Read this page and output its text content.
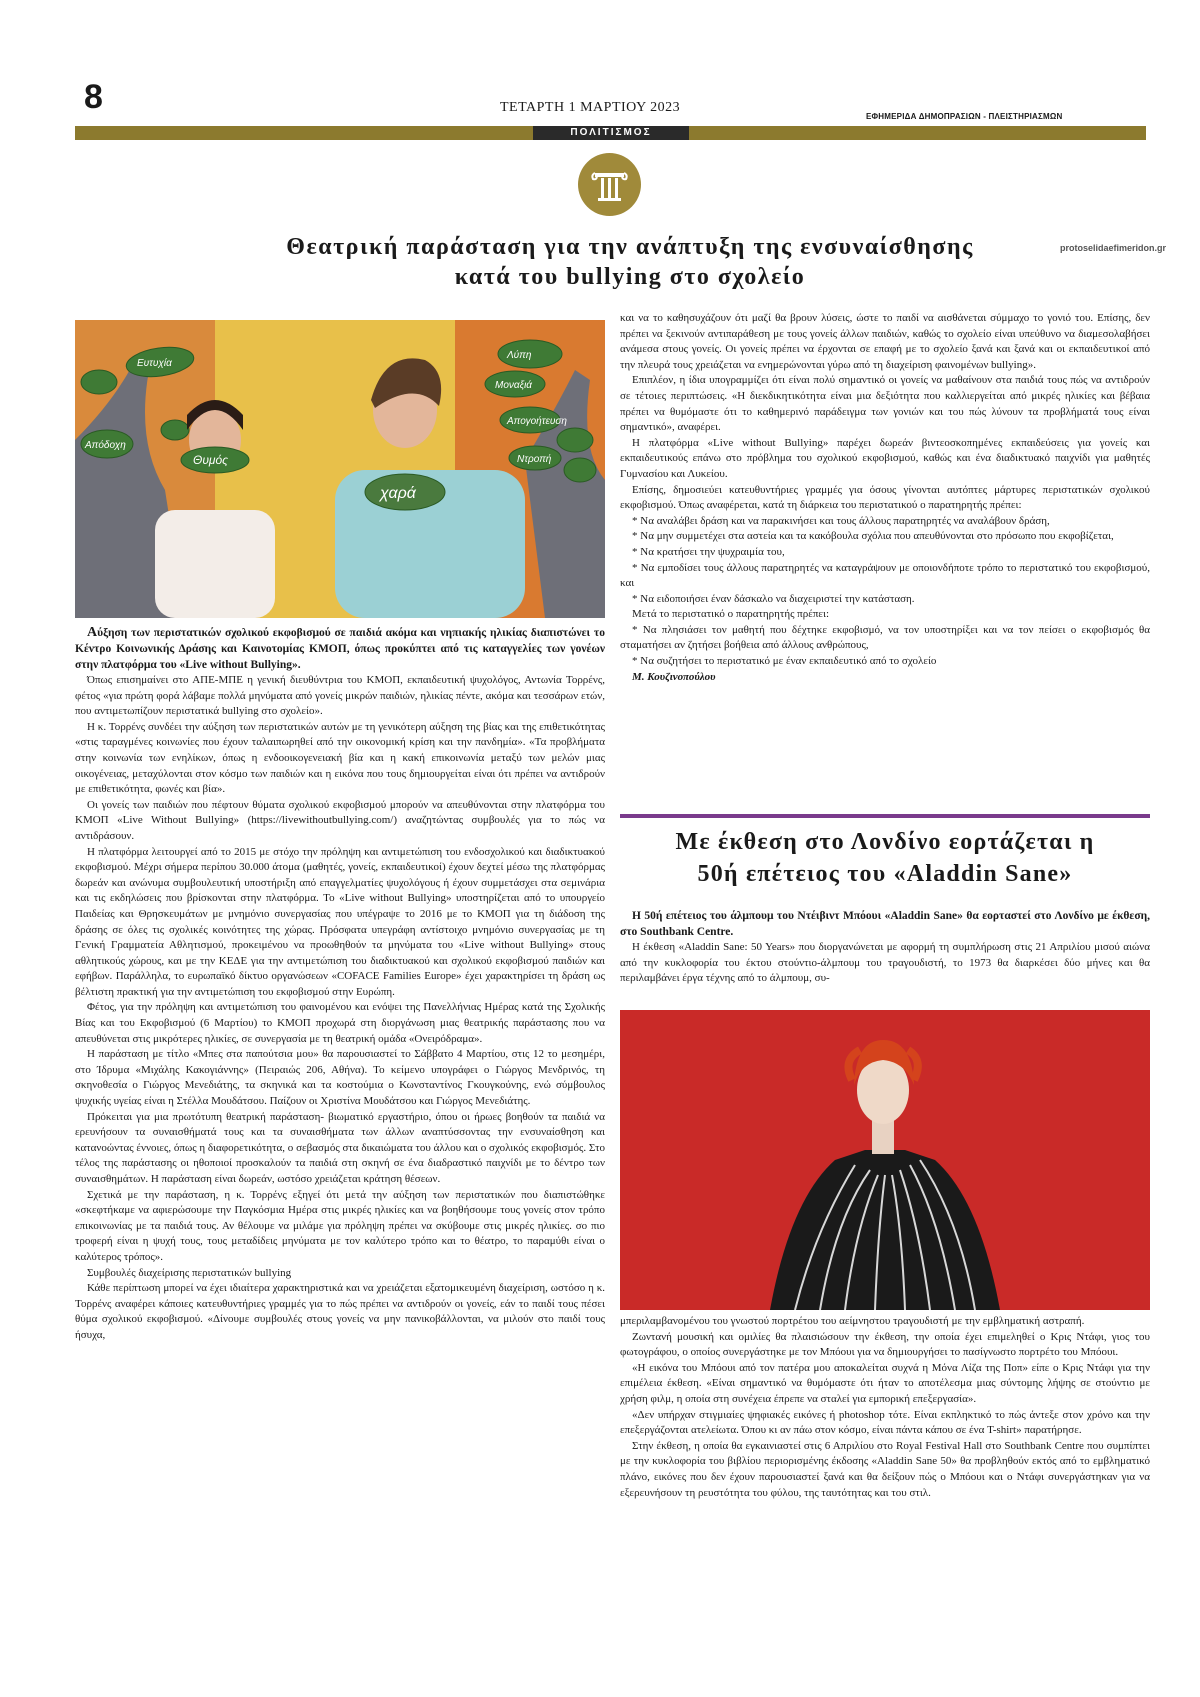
8	ΤΕΤΑΡΤΗ 1 ΜΑΡΤΙΟΥ 2023
ΕΦΗΜΕΡΙΔΑ ΔΗΜΟΠΡΑΣΙΩΝ - ΠΛΕΙΣΤΗΡΙΑΣΜΩΝ
ΠΟΛΙΤΙΣΜΟΣ
protoselidaefimeridon.gr
Θεατρική παράσταση για την ανάπτυξη της ενσυναίσθησης
κατά του bullying στο σχολείο
Ευτυχία
Λύπη
Μοναξιά
Απογοήτευση
Ντροπή
Απόδοχη
Θυμός
χαρά

Αύξηση των περιστατικών σχολικού εκφοβισμού σε παιδιά ακόμα και νηπιακής ηλικίας διαπιστώνει το Κέντρο Κοινωνικής Δράσης και Καινοτομίας ΚΜΟΠ, όπως προκύπτει από τις καταγγελίες των γονέων στην πλατφόρμα του «Live without Bullying».

Όπως επισημαίνει στο ΑΠΕ-ΜΠΕ η γενική διευθύντρια του ΚΜΟΠ, εκπαιδευτική ψυχολόγος, Αντωνία Τορρένς, φέτος «για πρώτη φορά λάβαμε πολλά μηνύματα από γονείς μικρών παιδιών, ηλικίας πέντε, ακόμα και τεσσάρων ετών, που αντιμετωπίζουν περιστατικά bullying στο σχολείο».

Η κ. Τορρένς συνδέει την αύξηση των περιστατικών αυτών με τη γενικότερη αύξηση της βίας και της επιθετικότητας «στις ταραγμένες κοινωνίες που έχουν ταλαιπωρηθεί από την οικονομική κρίση και την πανδημία». «Τα προβλήματα στην κοινωνία των ενηλίκων, όπως η ενδοοικογενειακή βία και η κακή επικοινωνία μεταξύ των μελών μιας οικογένειας, μεταχύλονται στον κόσμο των παιδιών και η εικόνα που τους δημιουργείται είναι ότι πρέπει να αντιδρούν με επιθετικότητα, φωνές και βία».

Οι γονείς των παιδιών που πέφτουν θύματα σχολικού εκφοβισμού μπορούν να απευθύνονται στην πλατφόρμα του ΚΜΟΠ «Live Without Bullying» (https://livewithoutbullying.com/) αναζητώντας συμβουλές για το πώς να αντιδράσουν.

Η πλατφόρμα λειτουργεί από το 2015 με στόχο την πρόληψη και αντιμετώπιση του ενδοσχολικού και διαδικτυακού εκφοβισμού. Μέχρι σήμερα περίπου 30.000 άτομα (μαθητές, γονείς, εκπαιδευτικοί) έχουν δεχτεί μέσω της πλατφόρμας δωρεάν και ανώνυμα συμβουλευτική υποστήριξη από επαγγελματίες ψυχολόγους ή έχουν συμμετάσχει στα σεμινάρια και τις εκδηλώσεις που βρίσκονται στην πλατφόρμα. Το «Live without Bullying» υποστηρίζεται από το υπουργείο Παιδείας και Θρησκευμάτων με μνημόνιο συνεργασίας που υπέγραψε το 2016 με το ΚΜΟΠ για τη διάδοση της δράσης σε όλες τις σχολικές κοινότητες της χώρας. Πρόσφατα υπεγράφη αντίστοιχο μνημόνιο συνεργασίας με τη Γενική Γραμματεία Αθλητισμού, προκειμένου να προωθηθούν τα μηνύματα του «Live without Bullying» στους αθλητικούς χώρους, και με την ΚΕΔΕ για την αντιμετώπιση του διαδικτυακού και σχολικού εκφοβισμού παιδιών και εφήβων. Παράλληλα, το ευρωπαϊκό δίκτυο οργανώσεων «COFACE Families Europe» έχει χαρακτηρίσει τη δράση ως βέλτιστη πρακτική για την αντιμετώπιση του εκφοβισμού στην Ευρώπη.

Φέτος, για την πρόληψη και αντιμετώπιση του φαινομένου και ενόψει της Πανελλήνιας Ημέρας κατά της Σχολικής Βίας και του Εκφοβισμού (6 Μαρτίου) το ΚΜΟΠ προχωρά στη διοργάνωση μιας θεατρικής παράστασης που να απευθύνεται στις μικρότερες ηλικίες, σε συνεργασία με τη θεατρική ομάδα «Ονειρόδραμα».

Η παράσταση με τίτλο «Μπες στα παπούτσια μου» θα παρουσιαστεί το Σάββατο 4 Μαρτίου, στις 12 το μεσημέρι, στο Ίδρυμα «Μιχάλης Κακογιάννης» (Πειραιώς 206, Αθήνα). Το κείμενο υπογράφει ο Γιώργος Μενδρινός, τη σκηνοθεσία ο Γιώργος Μενεδιάτης, τα σκηνικά και τα κοστούμια ο Κωνσταντίνος Γκουγκούνης, ενώ σύμβουλος ψυχικής υγείας είναι η Στέλλα Μουδάτσου. Παίζουν οι Χριστίνα Μουδάτσου και Γιώργος Μενεδιάτης.

Πρόκειται για μια πρωτότυπη θεατρική παράσταση- βιωματικό εργαστήριο, όπου οι ήρωες βοηθούν τα παιδιά να ερευνήσουν τα συναισθήματά τους και τα συναισθήματα των άλλων αναπτύσσοντας την ενσυναίσθηση και κατανοώντας έννοιες, όπως η διαφορετικότητα, ο σεβασμός στα δικαιώματα του άλλου και ο σχολικός εκφοβισμός. Στο τέλος της παράστασης οι ηθοποιοί προσκαλούν τα παιδιά στη σκηνή σε ένα διαδραστικό παιχνίδι με το δέντρο των συναισθημάτων. Η παράσταση είναι δωρεάν, ωστόσο χρειάζεται κράτηση θέσεων.

Σχετικά με την παράσταση, η κ. Τορρένς εξηγεί ότι μετά την αύξηση των περιστατικών που διαπιστώθηκε «σκεφτήκαμε να αφιερώσουμε την Παγκόσμια Ημέρα στις μικρές ηλικίες και να βοηθήσουμε τους γονείς στον τρόπο επικοινωνίας με τα παιδιά τους. Αν θέλουμε να μιλάμε για πρόληψη πρέπει να σκύβουμε στις μικρές ηλικίες. σο πιο τροφερή είναι η ψυχή τους, τους μεταδίδεις μηνύματα με τον καλύτερο τρόπο και το θέατρο, το παραμύθι είναι ο καλύτερος τρόπος».

Συμβουλές διαχείρισης περιστατικών bullying

Κάθε περίπτωση μπορεί να έχει ιδιαίτερα χαρακτηριστικά και να χρειάζεται εξατομικευμένη διαχείριση, ωστόσο η κ. Τορρένς αναφέρει κάποιες κατευθυντήριες γραμμές για το πώς πρέπει να αντιδρούν οι γονείς, εάν το παιδί τους πέσει θύμα σχολικού εκφοβισμού. «Δίνουμε συμβουλές στους γονείς να μην πανικοβάλλονται, να μιλούν στο παιδί τους ήσυχα,

και να το καθησυχάζουν ότι μαζί θα βρουν λύσεις, ώστε το παιδί να αισθάνεται σύμμαχο το γονιό του. Επίσης, δεν πρέπει να ξεκινούν αντιπαράθεση με τους γονείς άλλων παιδιών, καθώς το σχολείο είναι υπεύθυνο να διαμεσολαβήσει ανάμεσα στους γονείς. Οι γονείς πρέπει να έρχονται σε επαφή με το σχολείο ξανά και ξανά και οι εκπαιδευτικοί από την πλευρά τους χρειάζεται να ενημερώνονται γύρω από τη διαχείριση φαινομένων bullying».

Επιπλέον, η ίδια υπογραμμίζει ότι είναι πολύ σημαντικό οι γονείς να μαθαίνουν στα παιδιά τους πώς να αντιδρούν σε τέτοιες περιπτώσεις. «Η διεκδικητικότητα είναι μια δεξιότητα που καλλιεργείται από μικρές ηλικίες και βέβαια πρέπει να θυμόμαστε ότι το καθημερινό παράδειγμα των γονιών και του πώς λύνουν τα προβλήματά τους είναι σημαντικό», αναφέρει.

Η πλατφόρμα «Live without Bullying» παρέχει δωρεάν βιντεοσκοπημένες εκπαιδεύσεις για γονείς και εκπαιδευτικούς επάνω στο πρόβλημα του σχολικού εκφοβισμού, καθώς και ένα διαδικτυακό παιχνίδι για μαθητές Γυμνασίου και Λυκείου.

Επίσης, δημοσιεύει κατευθυντήριες γραμμές για όσους γίνονται αυτόπτες μάρτυρες περιστατικών σχολικού εκφοβισμού. Όπως αναφέρεται, κατά τη διάρκεια του περιστατικού ο παρατηρητής πρέπει:

* Να αναλάβει δράση και να παρακινήσει και τους άλλους παρατηρητές να αναλάβουν δράση,

* Να μην συμμετέχει στα αστεία και τα κακόβουλα σχόλια που απευθύνονται στο πρόσωπο που εκφοβίζεται,

* Να κρατήσει την ψυχραιμία του,

* Να εμποδίσει τους άλλους παρατηρητές να καταγράψουν με οποιονδήποτε τρόπο το περιστατικό του εκφοβισμού, και

* Να ειδοποιήσει έναν δάσκαλο να διαχειριστεί την κατάσταση.

Μετά το περιστατικό ο παρατηρητής πρέπει:

* Να πλησιάσει τον μαθητή που δέχτηκε εκφοβισμό, να τον υποστηρίξει και να τον πείσει ο εκφοβισμός θα σταματήσει αν ζητήσει βοήθεια από άλλους ανθρώπους,

* Να συζητήσει το περιστατικό με έναν εκπαιδευτικό από το σχολείο

Μ. Κουζινοπούλου

Με έκθεση στο Λονδίνο εορτάζεται η
50ή επέτειος του «Aladdin Sane»

Η 50ή επέτειος του άλμπουμ του Ντέιβιντ Μπόουι «Aladdin Sane» θα εορταστεί στο Λονδίνο με έκθεση, στο Southbank Centre.

Η έκθεση «Aladdin Sane: 50 Years» που διοργανώνεται με αφορμή τη συμπλήρωση στις 21 Απριλίου μισού αιώνα από την κυκλοφορία του έκτου στούντιο-άλμπουμ του τραγουδιστή, το 1973 θα διαρκέσει δύο μήνες και θα περιλαμβάνει έργα τέχνης από το άλμπουμ, συ-

μπεριλαμβανομένου του γνωστού πορτρέτου του αείμνηστου τραγουδιστή με την εμβληματική αστραπή.

Ζωντανή μουσική και ομιλίες θα πλαισιώσουν την έκθεση, την οποία έχει επιμεληθεί ο Κρις Ντάφι, γιος του φωτογράφου, ο οποίος συνεργάστηκε με τον Μπόουι για να δημιουργήσει το πασίγνωστο πορτρέτο του Μπόουι.

«Η εικόνα του Μπόουι από τον πατέρα μου αποκαλείται συχνά η Μόνα Λίζα της Ποπ» είπε ο Κρις Ντάφι για την επιμέλεια έκθεση. «Είναι σημαντικό να θυμόμαστε ότι ήταν το αποτέλεσμα μιας σύντομης λήψης σε στούντιο με χρήση φιλμ, η οποία στη συνέχεια έπρεπε να σταλεί για εμπορική επεξεργασία».

«Δεν υπήρχαν στιγμιαίες ψηφιακές εικόνες ή photoshop τότε. Είναι εκπληκτικό το πώς άντεξε στον χρόνο και την επεξεργάζονται ατελείωτα. Όπου κι αν πάω στον κόσμο, είναι πάντα κάπου σε ένα T-shirt» παρατήρησε.

Στην έκθεση, η οποία θα εγκαινιαστεί στις 6 Απριλίου στο Royal Festival Hall στο Southbank Centre που συμπίπτει με την κυκλοφορία του βιβλίου περιορισμένης έκδοσης «Aladdin Sane 50» θα προβληθούν εκτός από το εμβληματικό πλάνο, εικόνες που δεν έχουν παρουσιαστεί ξανά και θα δείξουν πώς ο Μπόουι και ο Ντάφι συνεργάστηκαν για να εξερευνήσουν τη ρευστότητα του φύλου, της ταυτότητας και του στιλ.
